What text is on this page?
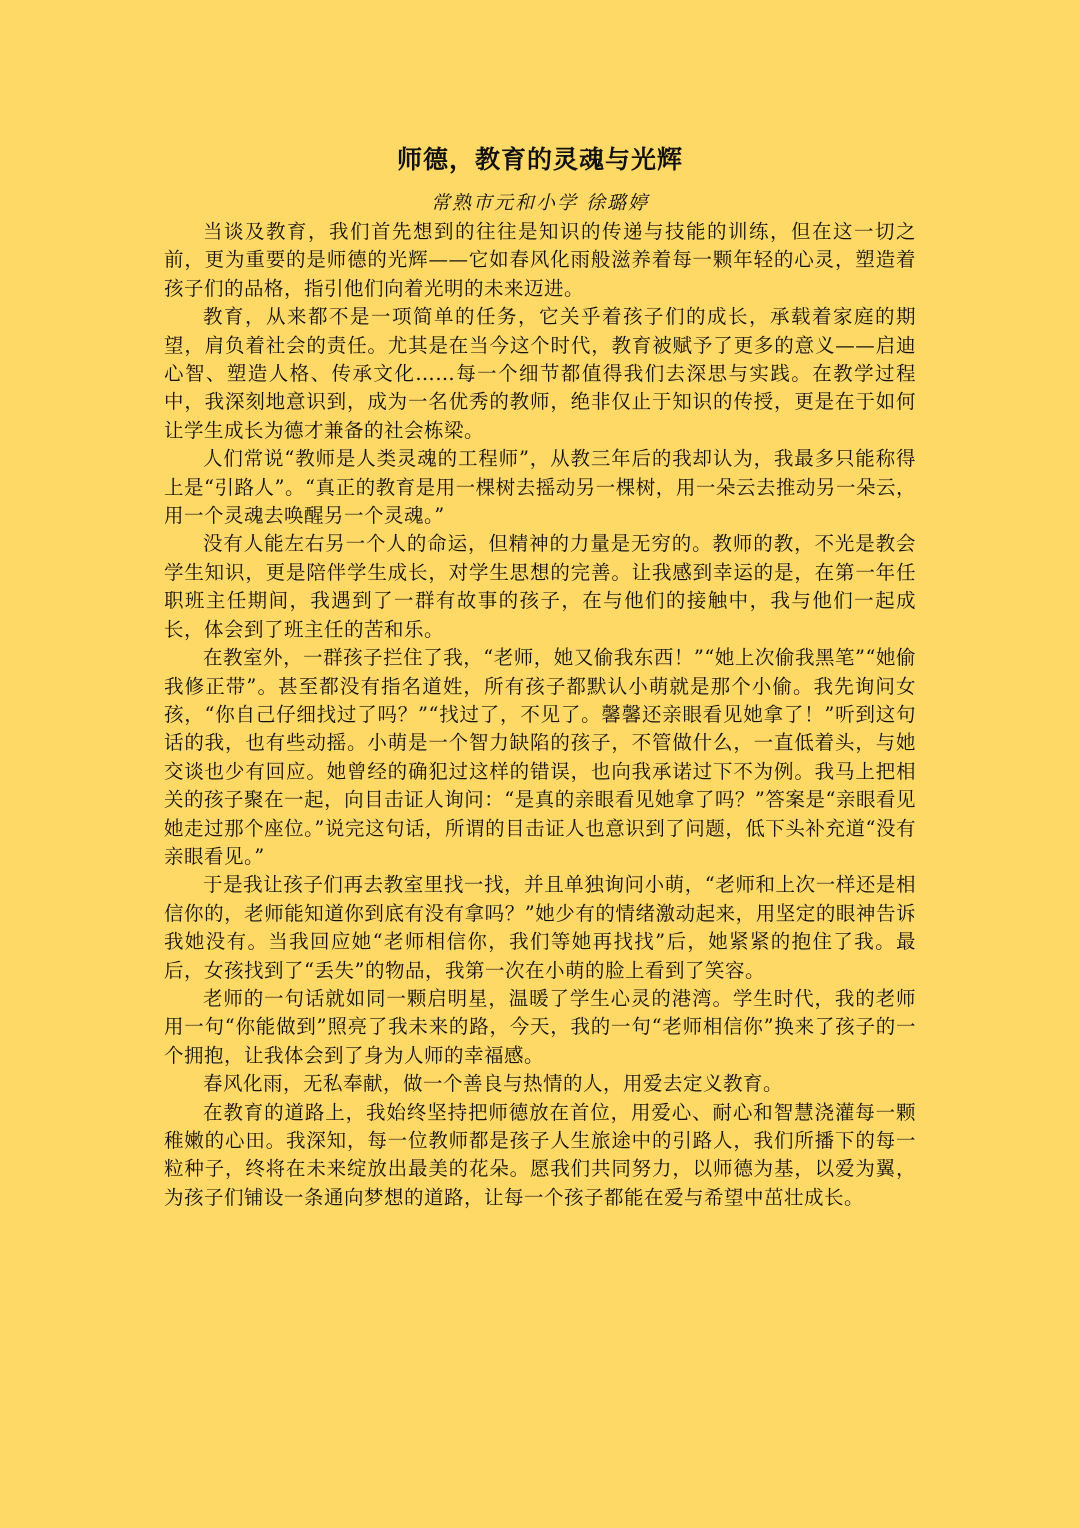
师德，教育的灵魂与光辉
常熟市元和小学 徐璐婷

当谈及教育，我们首先想到的往往是知识的传递与技能的训练，但在这一切之前，更为重要的是师德的光辉——它如春风化雨般滋养着每一颗年轻的心灵，塑造着孩子们的品格，指引他们向着光明的未来迈进。

教育，从来都不是一项简单的任务，它关乎着孩子们的成长，承载着家庭的期望，肩负着社会的责任。尤其是在当今这个时代，教育被赋予了更多的意义——启迪心智、塑造人格、传承文化……每一个细节都值得我们去深思与实践。在教学过程中，我深刻地意识到，成为一名优秀的教师，绝非仅止于知识的传授，更是在于如何让学生成长为德才兼备的社会栋梁。

人们常说“教师是人类灵魂的工程师”，从教三年后的我却认为，我最多只能称得上是“引路人”。“真正的教育是用一棵树去摇动另一棵树，用一朵云去推动另一朵云，用一个灵魂去唤醒另一个灵魂。”

没有人能左右另一个人的命运，但精神的力量是无穷的。教师的教，不光是教会学生知识，更是陪伴学生成长，对学生思想的完善。让我感到幸运的是，在第一年任职班主任期间，我遇到了一群有故事的孩子，在与他们的接触中，我与他们一起成长，体会到了班主任的苦和乐。

在教室外，一群孩子拦住了我，“老师，她又偷我东西！”“她上次偷我黑笔”“她偷我修正带”。甚至都没有指名道姓，所有孩子都默认小萌就是那个小偷。我先询问女孩，“你自己仔细找过了吗？”“找过了，不见了。馨馨还亲眼看见她拿了！”听到这句话的我，也有些动摇。小萌是一个智力缺陷的孩子，不管做什么，一直低着头，与她交谈也少有回应。她曾经的确犯过这样的错误，也向我承诺过下不为例。我马上把相关的孩子聚在一起，向目击证人询问：“是真的亲眼看见她拿了吗？”答案是“亲眼看见她走过那个座位。”说完这句话，所谓的目击证人也意识到了问题，低下头补充道“没有亲眼看见。”

于是我让孩子们再去教室里找一找，并且单独询问小萌，“老师和上次一样还是相信你的，老师能知道你到底有没有拿吗？”她少有的情绪激动起来，用坚定的眼神告诉我她没有。当我回应她“老师相信你，我们等她再找找”后，她紧紧的抱住了我。最后，女孩找到了“丢失”的物品，我第一次在小萌的脸上看到了笑容。

老师的一句话就如同一颗启明星，温暖了学生心灵的港湾。学生时代，我的老师用一句“你能做到”照亮了我未来的路，今天，我的一句“老师相信你”换来了孩子的一个拥抱，让我体会到了身为人师的幸福感。

春风化雨，无私奉献，做一个善良与热情的人，用爱去定义教育。

在教育的道路上，我始终坚持把师德放在首位，用爱心、耐心和智慧浇灌每一颗稚嫩的心田。我深知，每一位教师都是孩子人生旅途中的引路人，我们所播下的每一粒种子，终将在未来绽放出最美的花朵。愿我们共同努力，以师德为基，以爱为翼，为孩子们铺设一条通向梦想的道路，让每一个孩子都能在爱与希望中茁壮成长。
